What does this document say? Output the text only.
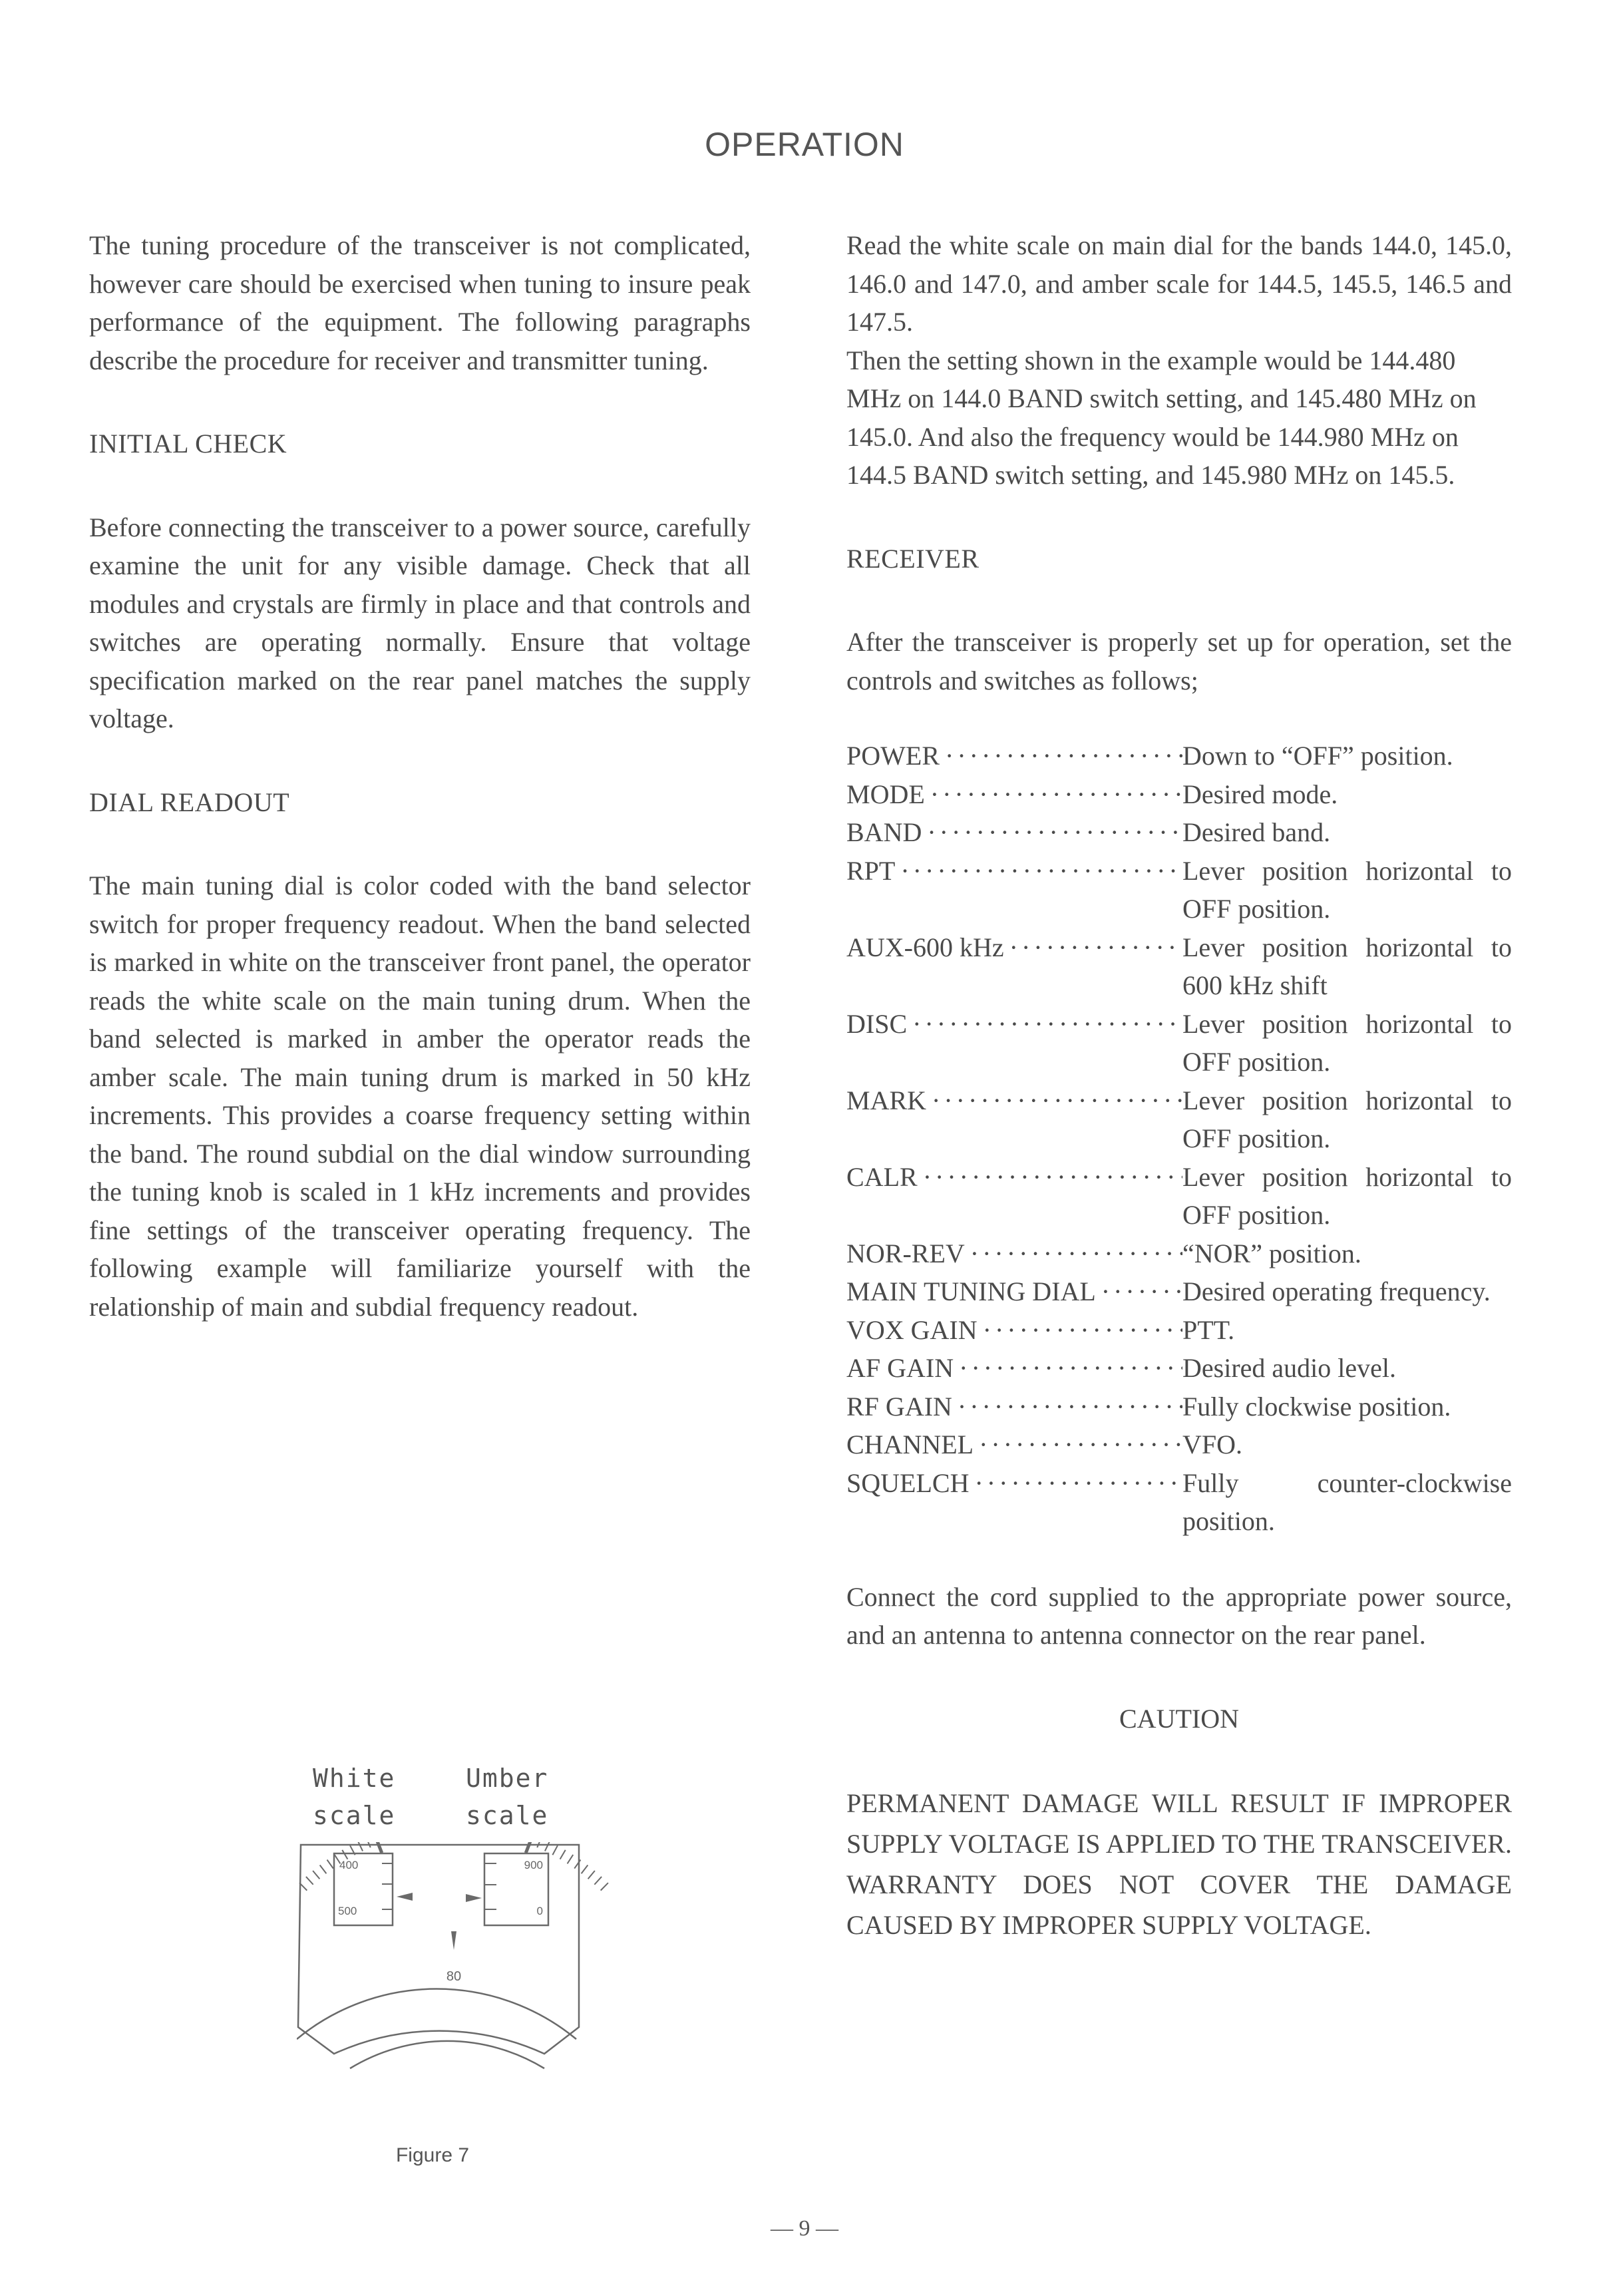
OPERATION

The tuning procedure of the transceiver is not complicated, however care should be exercised when tuning to insure peak performance of the equipment. The following paragraphs describe the procedure for receiver and transmitter tuning.

INITIAL CHECK

Before connecting the transceiver to a power source, carefully examine the unit for any visible damage. Check that all modules and crystals are firmly in place and that controls and switches are operating normally. Ensure that voltage specification marked on the rear panel matches the supply voltage.

DIAL READOUT

The main tuning dial is color coded with the band selector switch for proper frequency readout. When the band selected is marked in white on the transceiver front panel, the operator reads the white scale on the main tuning drum. When the band selected is marked in amber the operator reads the amber scale. The main tuning drum is marked in 50 kHz increments. This provides a coarse frequency setting within the band. The round subdial on the dial window surrounding the tuning knob is scaled in 1 kHz increments and provides fine settings of the transceiver operating frequency. The following example will familiarize yourself with the relationship of main and subdial frequency readout.

White
scale
Umber
scale
400
500
900
0
80
Figure 7

Read the white scale on main dial for the bands 144.0, 145.0, 146.0 and 147.0, and amber scale for 144.5, 145.5, 146.5 and 147.5.

Then the setting shown in the example would be 144.480 MHz on 144.0 BAND switch setting, and 145.480 MHz on 145.0. And also the frequency would be 144.980 MHz on 144.5 BAND switch setting, and 145.980 MHz on 145.5.

RECEIVER

After the transceiver is properly set up for operation, set the controls and switches as follows;

POWER ·····	Down to “OFF” position.
MODE ·····	Desired mode.
BAND ·····	Desired band.
RPT ·····	Lever position horizontal to OFF position.
AUX-600 kHz ·····	Lever position horizontal to 600 kHz shift
DISC ·····	Lever position horizontal to OFF position.
MARK ·····	Lever position horizontal to OFF position.
CALR ·····	Lever position horizontal to OFF position.
NOR-REV ·····	“NOR” position.
MAIN TUNING DIAL ·····	Desired operating frequency.
VOX GAIN ·····	PTT.
AF GAIN ·····	Desired audio level.
RF GAIN ·····	Fully clockwise position.
CHANNEL ·····	VFO.
SQUELCH ·····	Fully counter-clockwise position.

Connect the cord supplied to the appropriate power source, and an antenna to antenna connector on the rear panel.

CAUTION

PERMANENT DAMAGE WILL RESULT IF IMPROPER SUPPLY VOLTAGE IS APPLIED TO THE TRANSCEIVER. WARRANTY DOES NOT COVER THE DAMAGE CAUSED BY IMPROPER SUPPLY VOLTAGE.

— 9 —
